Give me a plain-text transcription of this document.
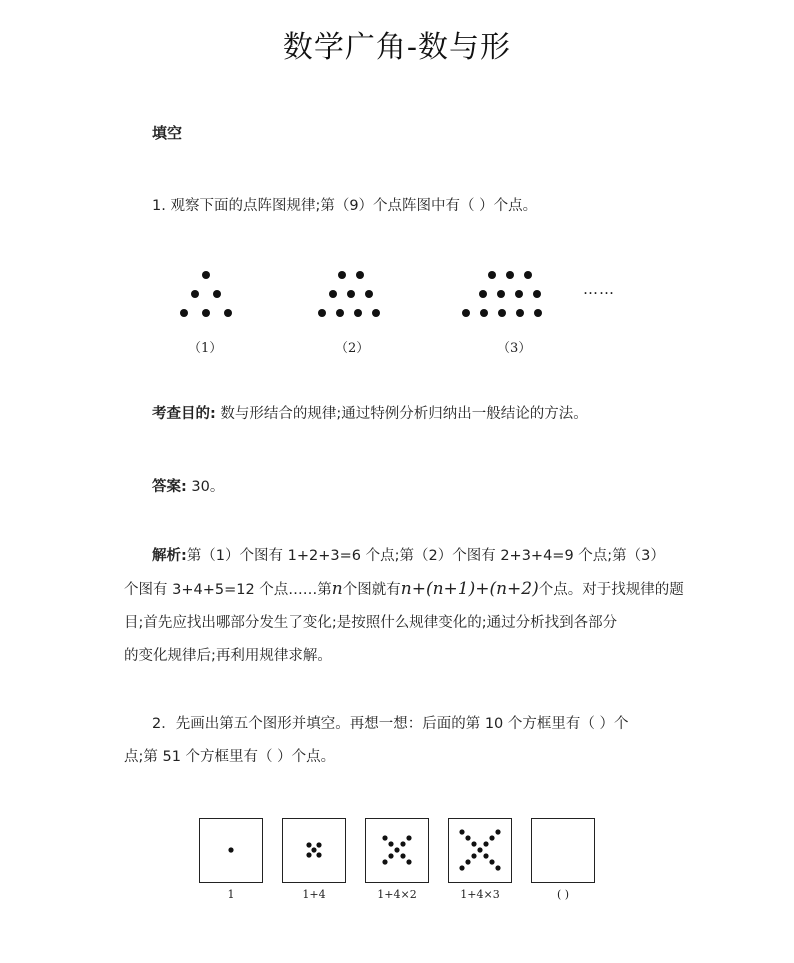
数学广角-数与形
填空
1. 观察下面的点阵图规律;第（9）个点阵图中有（ ）个点。
……
（1）	（2）	（3）
考查目的: 数与形结合的规律;通过特例分析归纳出一般结论的方法。
答案: 30。
解析:第（1）个图有 1+2+3=6 个点;第（2）个图有 2+3+4=9 个点;第（3）
个图有 3+4+5=12 个点……第n个图就有n+(n+1)+(n+2)个点。对于找规律的题
目;首先应找出哪部分发生了变化;是按照什么规律变化的;通过分析找到各部分
的变化规律后;再利用规律求解。
2．先画出第五个图形并填空。再想一想：后面的第 10 个方框里有（ ）个
点;第 51 个方框里有（ ）个点。
1	1+4	1+4×2	1+4×3	( )
